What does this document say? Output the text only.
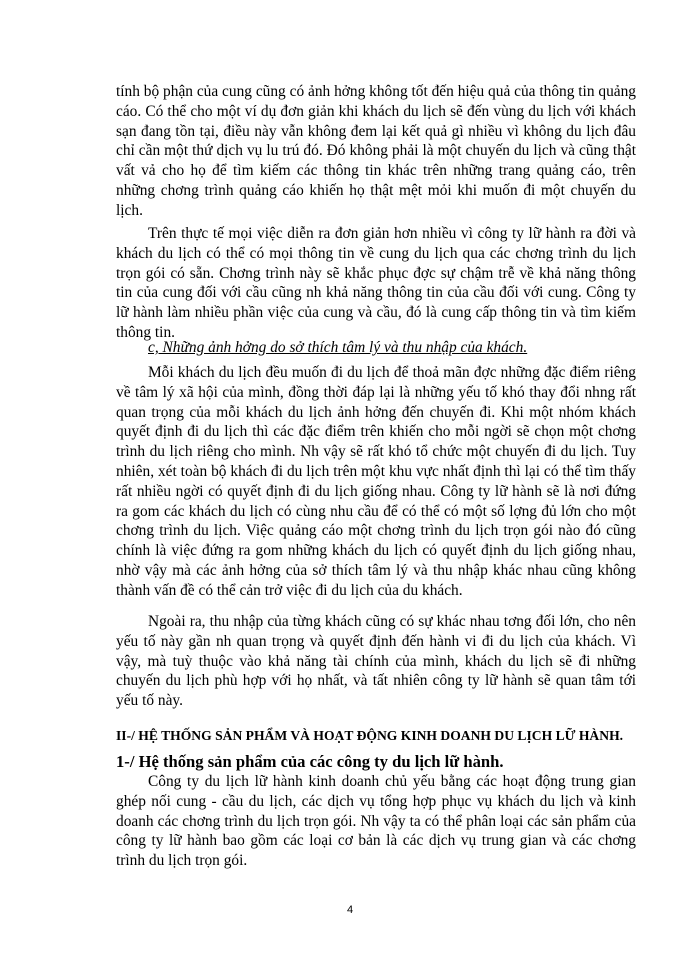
tính bộ phận của cung cũng có ảnh hởng không tốt đến hiệu quả của thông tin quảng cáo. Có thể cho một ví dụ đơn giản khi khách du lịch sẽ đến vùng du lịch với khách sạn đang tồn tại, điều này vẫn không đem lại kết quả gì nhiều vì không du lịch đâu chỉ cần một thứ dịch vụ lu trú đó. Đó không phải là một chuyến du lịch và cũng thật vất vả cho họ để tìm kiếm các thông tin khác trên những trang quảng cáo, trên những chơng trình quảng cáo khiến họ thật mệt mỏi khi muốn đi một chuyến du lịch.

Trên thực tế mọi việc diễn ra đơn giản hơn nhiều vì công ty lữ hành ra đời và khách du lịch có thể có mọi thông tin về cung du lịch qua các chơng trình du lịch trọn gói có sẵn. Chơng trình này sẽ khắc phục đợc sự chậm trễ về khả năng thông tin của cung đối với cầu cũng nh khả năng thông tin của cầu đối với cung. Công ty lữ hành làm nhiều phần việc của cung và cầu, đó là cung cấp thông tin và tìm kiếm thông tin.

c, Những ảnh hởng do sở thích tâm lý và thu nhập của khách.

Mỗi khách du lịch đều muốn đi du lịch để thoả mãn đợc những đặc điểm riêng về tâm lý xã hội của mình, đồng thời đáp lại là những yếu tố khó thay đổi nhng rất quan trọng của mỗi khách du lịch ảnh hởng đến chuyến đi. Khi một nhóm khách quyết định đi du lịch thì các đặc điểm trên khiến cho mỗi ngời sẽ chọn một chơng trình du lịch riêng cho mình. Nh vậy sẽ rất khó tổ chức một chuyến đi du lịch. Tuy nhiên, xét toàn bộ khách đi du lịch trên một khu vực nhất định thì lại có thể tìm thấy rất nhiều ngời có quyết định đi du lịch giống nhau. Công ty lữ hành sẽ là nơi đứng ra gom các khách du lịch có cùng nhu cầu để có thể có một số lợng đủ lớn cho một chơng trình du lịch. Việc quảng cáo một chơng trình du lịch trọn gói nào đó cũng chính là việc đứng ra gom những khách du lịch có quyết định du lịch giống nhau, nhờ vậy mà các ảnh hởng của sở thích tâm lý và thu nhập khác nhau cũng không thành vấn đề có thể cản trở việc đi du lịch của du khách.

Ngoài ra, thu nhập của từng khách cũng có sự khác nhau tơng đối lớn, cho nên yếu tố này gần nh quan trọng và quyết định đến hành vi đi du lịch của khách. Vì vậy, mà tuỳ thuộc vào khả năng tài chính của mình, khách du lịch sẽ đi những chuyến du lịch phù hợp với họ nhất, và tất nhiên công ty lữ hành sẽ quan tâm tới yếu tố này.

II-/ HỆ THỐNG SẢN PHẨM VÀ HOẠT ĐỘNG KINH DOANH DU LỊCH LỮ HÀNH.

1-/ Hệ thống sản phẩm của các công ty du lịch lữ hành.

Công ty du lịch lữ hành kinh doanh chủ yếu bằng các hoạt động trung gian ghép nối cung - cầu du lịch, các dịch vụ tổng hợp phục vụ khách du lịch và kinh doanh các chơng trình du lịch trọn gói. Nh vậy ta có thể phân loại các sản phẩm của công ty lữ hành bao gồm các loại cơ bản là các dịch vụ trung gian và các chơng trình du lịch trọn gói.

4
